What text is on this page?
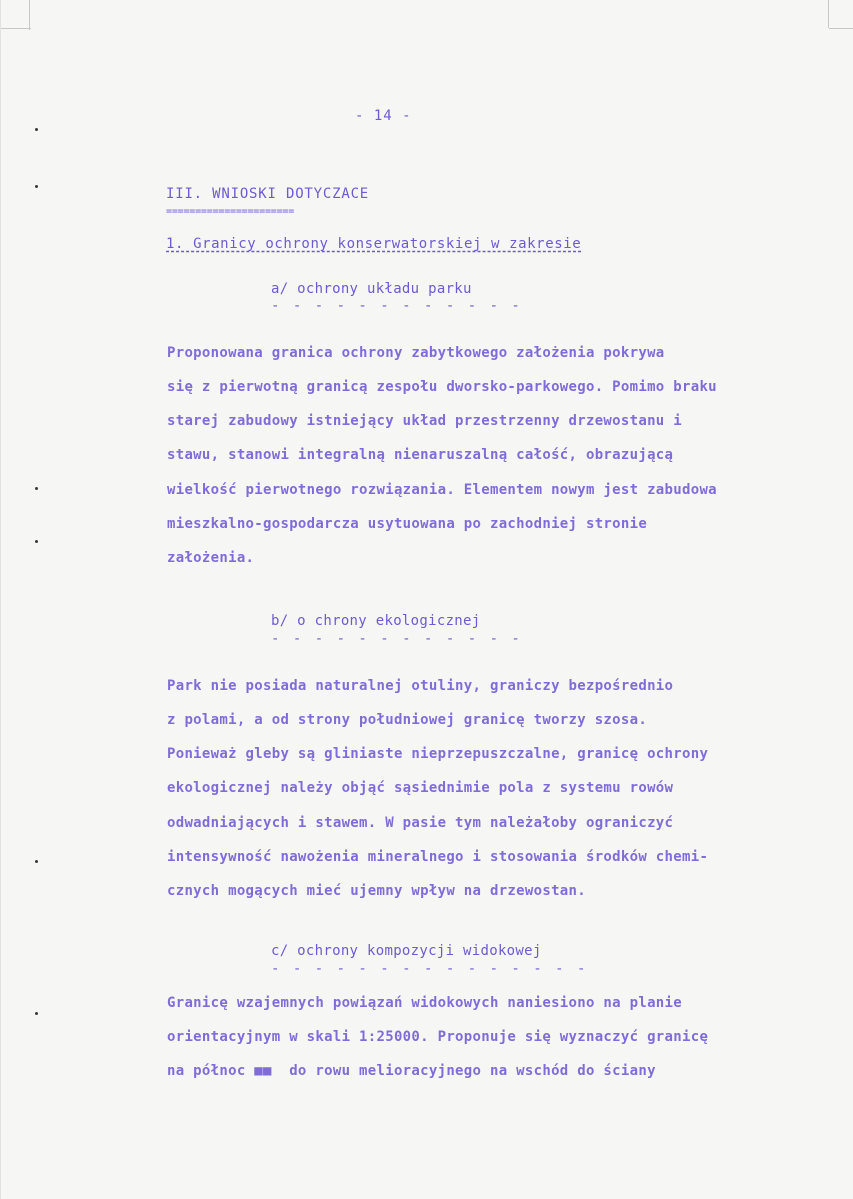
- 14 -
III. WNIOSKI DOTYCZACE
======================
1. Granicy ochrony konserwatorskiej w zakresie
a/ ochrony układu parku
- - - - - - - - - - - -
Proponowana granica ochrony zabytkowego założenia pokrywa
się z pierwotną granicą zespołu dworsko-parkowego. Pomimo braku
starej zabudowy istniejący układ przestrzenny drzewostanu i
stawu, stanowi integralną nienaruszalną całość, obrazującą
wielkość pierwotnego rozwiązania. Elementem nowym jest zabudowa
mieszkalno-gospodarcza usytuowana po zachodniej stronie
założenia.
b/ o chrony ekologicznej
- - - - - - - - - - - -
Park nie posiada naturalnej otuliny, graniczy bezpośrednio
z polami, a od strony południowej granicę tworzy szosa.
Ponieważ gleby są gliniaste nieprzepuszczalne, granicę ochrony
ekologicznej należy objąć sąsiednimie pola z systemu rowów
odwadniających i stawem. W pasie tym należałoby ograniczyć
intensywność nawożenia mineralnego i stosowania środków chemi-
cznych mogących mieć ujemny wpływ na drzewostan.
c/ ochrony kompozycji widokowej
- - - - - - - - - - - - - - -
Granicę wzajemnych powiązań widokowych naniesiono na planie
orientacyjnym w skali 1:25000. Proponuje się wyznaczyć granicę
na północ ■■  do rowu melioracyjnego na wschód do ściany
